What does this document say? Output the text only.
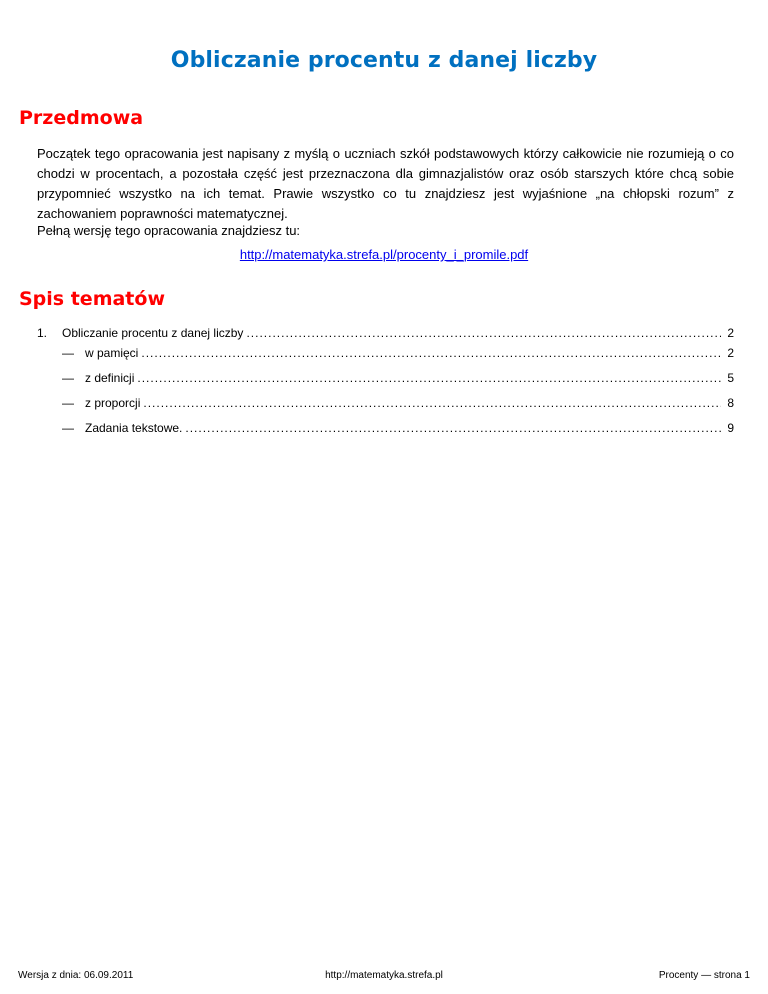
Obliczanie procentu z danej liczby
Przedmowa

Początek tego opracowania jest napisany z myślą o uczniach szkół podstawowych którzy całkowicie nie rozumieją o co chodzi w procentach, a pozostała część jest przeznaczona dla gimnazjalistów oraz osób starszych które chcą sobie przypomnieć wszystko na ich temat. Prawie wszystko co tu znajdziesz jest wyjaśnione „na chłopski rozum” z zachowaniem poprawności matematycznej.

Pełną wersję tego opracowania znajdziesz tu:
http://matematyka.strefa.pl/procenty_i_promile.pdf
Spis tematów
1.	Obliczanie procentu z danej liczby .....	2
— w pamięci .....	2
— z definicji .....	5
— z proporcji .....	8
— Zadania tekstowe. .....	9
Wersja z dnia: 06.09.2011	http://matematyka.strefa.pl	Procenty — strona 1
